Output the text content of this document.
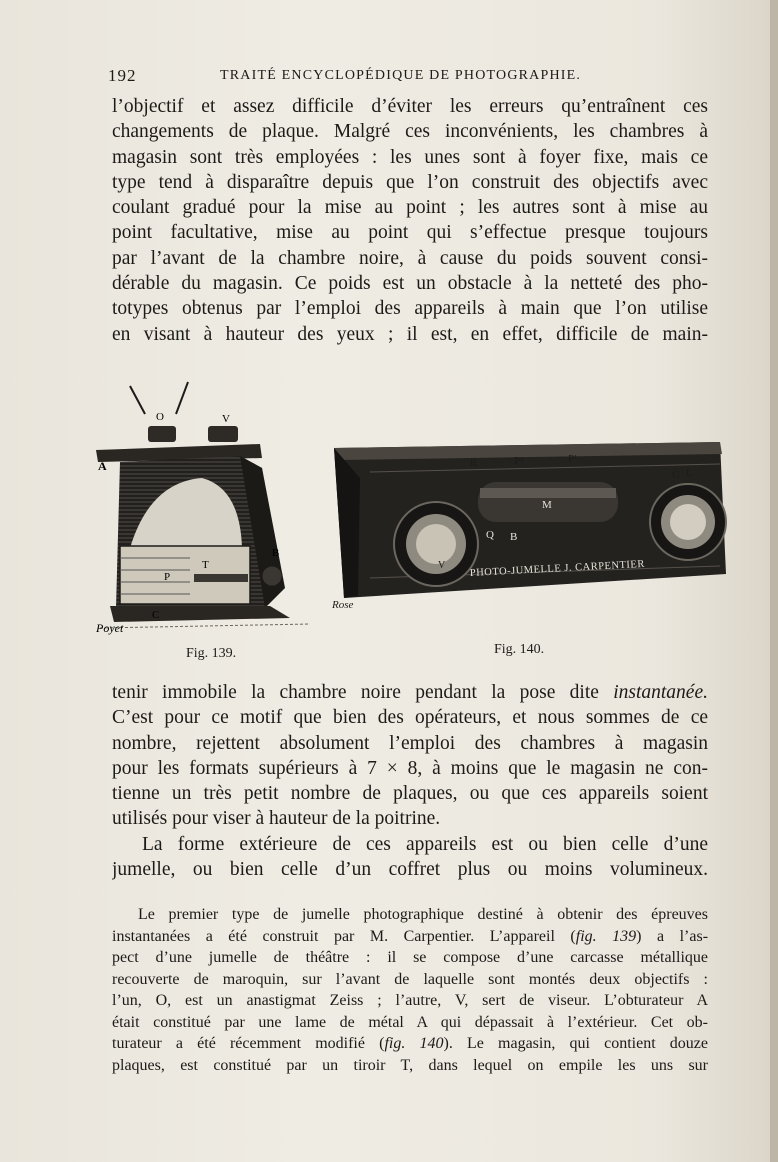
192	TRAITÉ ENCYCLOPÉDIQUE DE PHOTOGRAPHIE.
l’objectif et assez difficile d’éviter les erreurs qu’entraînent ces
changements de plaque. Malgré ces inconvénients, les chambres à
magasin sont très employées : les unes sont à foyer fixe, mais ce
type tend à disparaître depuis que l’on construit des objectifs avec
coulant gradué pour la mise au point ; les autres sont à mise au
point facultative, mise au point qui s’effectue presque toujours
par l’avant de la chambre noire, à cause du poids souvent consi-
dérable du magasin. Ce poids est un obstacle à la netteté des pho-
totypes obtenus par l’emploi des appareils à main que l’on utilise
en visant à hauteur des yeux ; il est, en effet, difficile de main-
O	V
A
P
T
B
C
Poyet
Fig. 139.
R	P²	P¹
M
Q B
G L
V PHOTO-JUMELLE J. CARPENTIER
Rose
Fig. 140.
tenir immobile la chambre noire pendant la pose dite instantanée.
C’est pour ce motif que bien des opérateurs, et nous sommes de ce
nombre, rejettent absolument l’emploi des chambres à magasin
pour les formats supérieurs à 7 × 8, à moins que le magasin ne con-
tienne un très petit nombre de plaques, ou que ces appareils soient
utilisés pour viser à hauteur de la poitrine.
La forme extérieure de ces appareils est ou bien celle d’une
jumelle, ou bien celle d’un coffret plus ou moins volumineux.
Le premier type de jumelle photographique destiné à obtenir des épreuves
instantanées a été construit par M. Carpentier. L’appareil (fig. 139) a l’as-
pect d’une jumelle de théâtre : il se compose d’une carcasse métallique
recouverte de maroquin, sur l’avant de laquelle sont montés deux objectifs :
l’un, O, est un anastigmat Zeiss ; l’autre, V, sert de viseur. L’obturateur A
était constitué par une lame de métal A qui dépassait à l’extérieur. Cet ob-
turateur a été récemment modifié (fig. 140). Le magasin, qui contient douze
plaques, est constitué par un tiroir T, dans lequel on empile les uns sur
